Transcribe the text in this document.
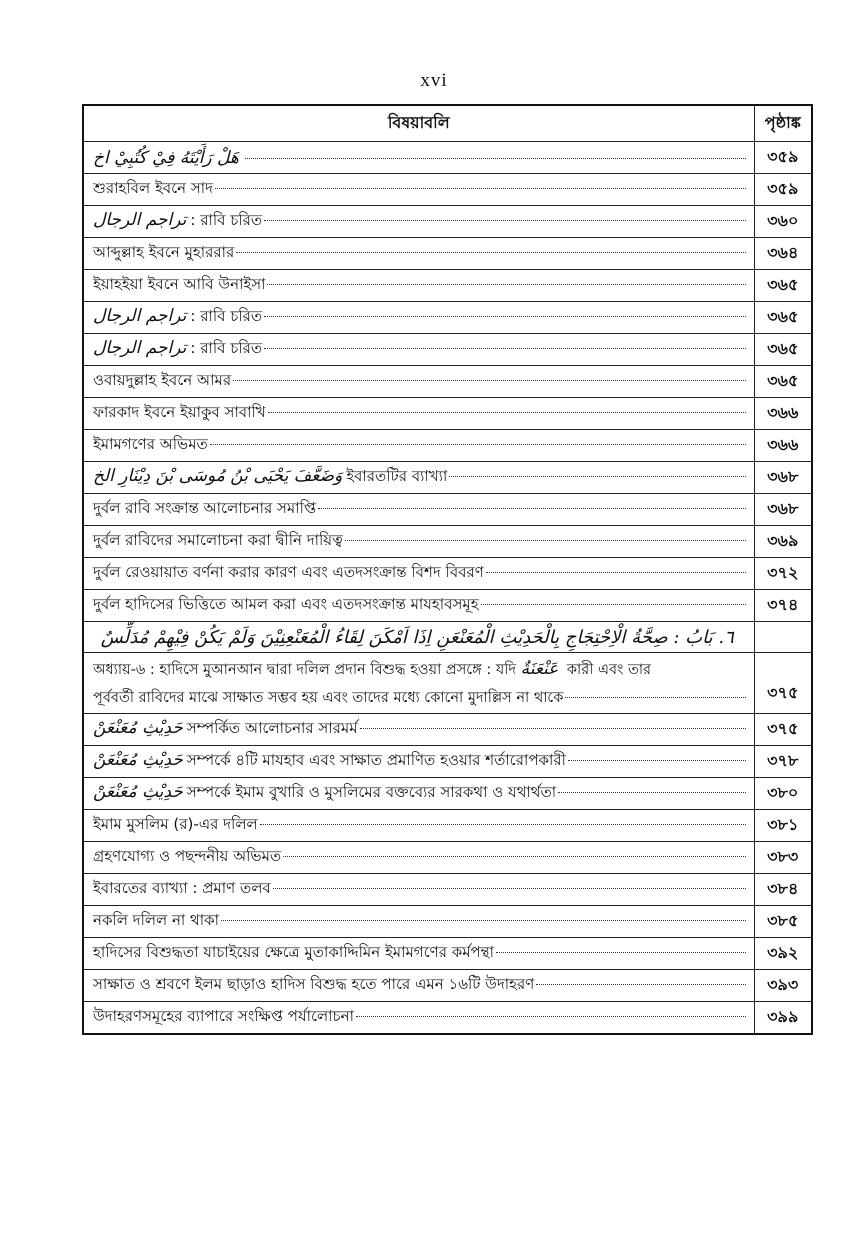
xvi
বিষয়াবলি	পৃষ্ঠাঙ্ক

هَلْ رَأَيْتَهُ فِيْ كُتُبِيْ اخ	৩৫৯

শুরাহবিল ইবনে সাদ	৩৫৯

تراجم الرجال : রাবি চরিত	৩৬০

আব্দুল্লাহ ইবনে মুহাররার	৩৬৪

ইয়াহইয়া ইবনে আবি উনাইসা	৩৬৫

تراجم الرجال : রাবি চরিত	৩৬৫

تراجم الرجال : রাবি চরিত	৩৬৫

ওবায়দুল্লাহ ইবনে আমর	৩৬৫

ফারকাদ ইবনে ইয়াকুব সাবাখি	৩৬৬

ইমামগণের অভিমত	৩৬৬

وَضَعَّفَ يَحْيَى بْنُ مُوسَى بْنَ دِيْنَارِ الخ ইবারতটির ব্যাখ্যা	৩৬৮

দুর্বল রাবি সংক্রান্ত আলোচনার সমাপ্তি	৩৬৮

দুর্বল রাবিদের সমালোচনা করা দ্বীনি দায়িত্ব	৩৬৯

দুর্বল রেওয়ায়াত বর্ণনা করার কারণ এবং এতদসংক্রান্ত বিশদ বিবরণ	৩৭২

দুর্বল হাদিসের ভিত্তিতে আমল করা এবং এতদসংক্রান্ত মাযহাবসমূহ	৩৭৪
٦. بَابُ : صِحَّةُ الْاِحْتِجَاجِ بِالْحَدِيْثِ الْمُعَنْعَنِ اِذَا اَمْكَنَ لِقَاءُ الْمُعَنْعِنِيْنَ وَلَمْ يَكُنْ فِيْهِمْ مُدَلِّسٌ	

অধ্যায়-৬ : হাদিসে মুআনআন দ্বারা দলিল প্রদান বিশুদ্ধ হওয়া প্রসঙ্গে : যদি عَنْعَنَةٌ কারী এবং তার
পূর্ববর্তী রাবিদের মাঝে সাক্ষাত সম্ভব হয় এবং তাদের মধ্যে কোনো মুদাল্লিস না থাকে	৩৭৫

حَدِيْثِ مُعَنْعَنْ সম্পর্কিত আলোচনার সারমর্ম	৩৭৫

حَدِيْثِ مُعَنْعَنْ সম্পর্কে ৪টি মাযহাব এবং সাক্ষাত প্রমাণিত হওয়ার শর্তারোপকারী	৩৭৮

حَدِيْثِ مُعَنْعَنْ সম্পর্কে ইমাম বুখারি ও মুসলিমের বক্তব্যের সারকথা ও যথার্থতা	৩৮০

ইমাম মুসলিম (র)-এর দলিল	৩৮১

গ্রহণযোগ্য ও পছন্দনীয় অভিমত	৩৮৩

ইবারতের ব্যাখ্যা : প্রমাণ তলব	৩৮৪

নকলি দলিল না থাকা	৩৮৫

হাদিসের বিশুদ্ধতা যাচাইয়ের ক্ষেত্রে মুতাকাদ্দিমিন ইমামগণের কর্মপন্থা	৩৯২

সাক্ষাত ও শ্রবণে ইলম ছাড়াও হাদিস বিশুদ্ধ হতে পারে এমন ১৬টি উদাহরণ	৩৯৩

উদাহরণসমূহের ব্যাপারে সংক্ষিপ্ত পর্যালোচনা	৩৯৯
